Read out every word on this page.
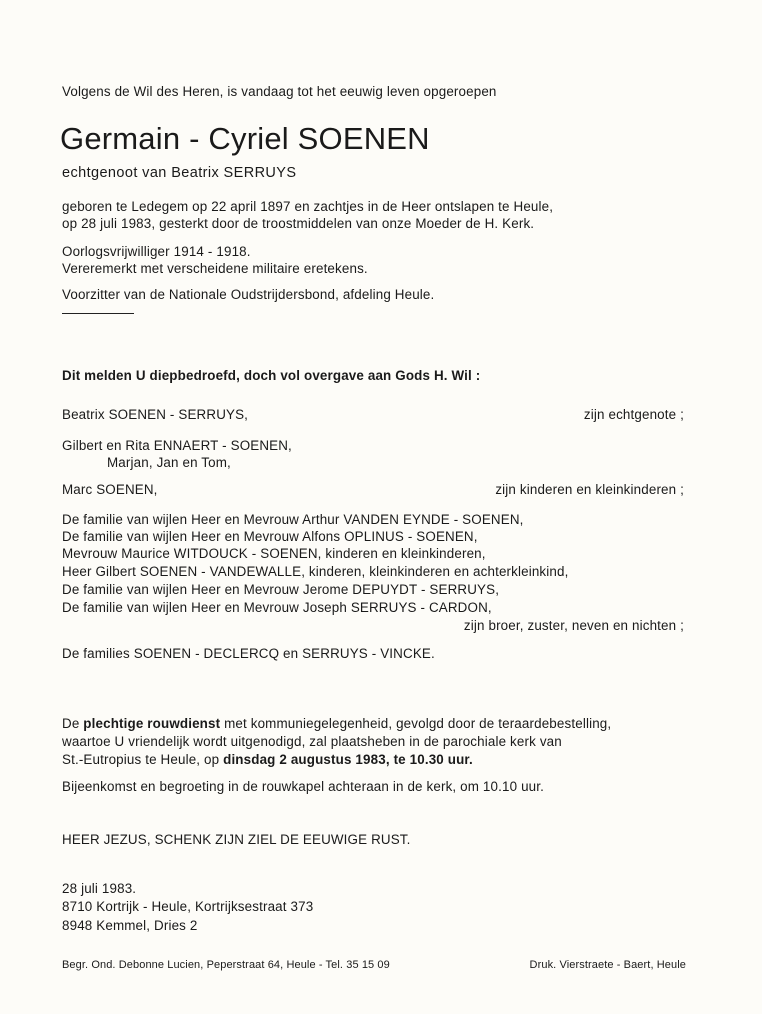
Volgens de Wil des Heren, is vandaag tot het eeuwig leven opgeroepen
Germain - Cyriel SOENEN
echtgenoot van Beatrix SERRUYS
geboren te Ledegem op 22 april 1897 en zachtjes in de Heer ontslapen te Heule,
op 28 juli 1983, gesterkt door de troostmiddelen van onze Moeder de H. Kerk.
Oorlogsvrijwilliger 1914 - 1918.
Vereremerkt met verscheidene militaire eretekens.
Voorzitter van de Nationale Oudstrijdersbond, afdeling Heule.
Dit melden U diepbedroefd, doch vol overgave aan Gods H. Wil :
Beatrix SOENEN - SERRUYS,	zijn echtgenote ;
Gilbert en Rita ENNAERT - SOENEN,
Marjan, Jan en Tom,
Marc SOENEN,	zijn kinderen en kleinkinderen ;
De familie van wijlen Heer en Mevrouw Arthur VANDEN EYNDE - SOENEN,
De familie van wijlen Heer en Mevrouw Alfons OPLINUS - SOENEN,
Mevrouw Maurice WITDOUCK - SOENEN, kinderen en kleinkinderen,
Heer Gilbert SOENEN - VANDEWALLE, kinderen, kleinkinderen en achterkleinkind,
De familie van wijlen Heer en Mevrouw Jerome DEPUYDT - SERRUYS,
De familie van wijlen Heer en Mevrouw Joseph SERRUYS - CARDON,
zijn broer, zuster, neven en nichten ;
De families SOENEN - DECLERCQ en SERRUYS - VINCKE.
De plechtige rouwdienst met kommuniegelegenheid, gevolgd door de teraardebestelling,
waartoe U vriendelijk wordt uitgenodigd, zal plaatsheben in de parochiale kerk van
St.-Eutropius te Heule, op dinsdag 2 augustus 1983, te 10.30 uur.
Bijeenkomst en begroeting in de rouwkapel achteraan in de kerk, om 10.10 uur.
HEER JEZUS, SCHENK ZIJN ZIEL DE EEUWIGE RUST.
28 juli 1983.
8710 Kortrijk - Heule, Kortrijksestraat 373
8948 Kemmel, Dries 2
Begr. Ond. Debonne Lucien, Peperstraat 64, Heule - Tel. 35 15 09	Druk. Vierstraete - Baert, Heule
